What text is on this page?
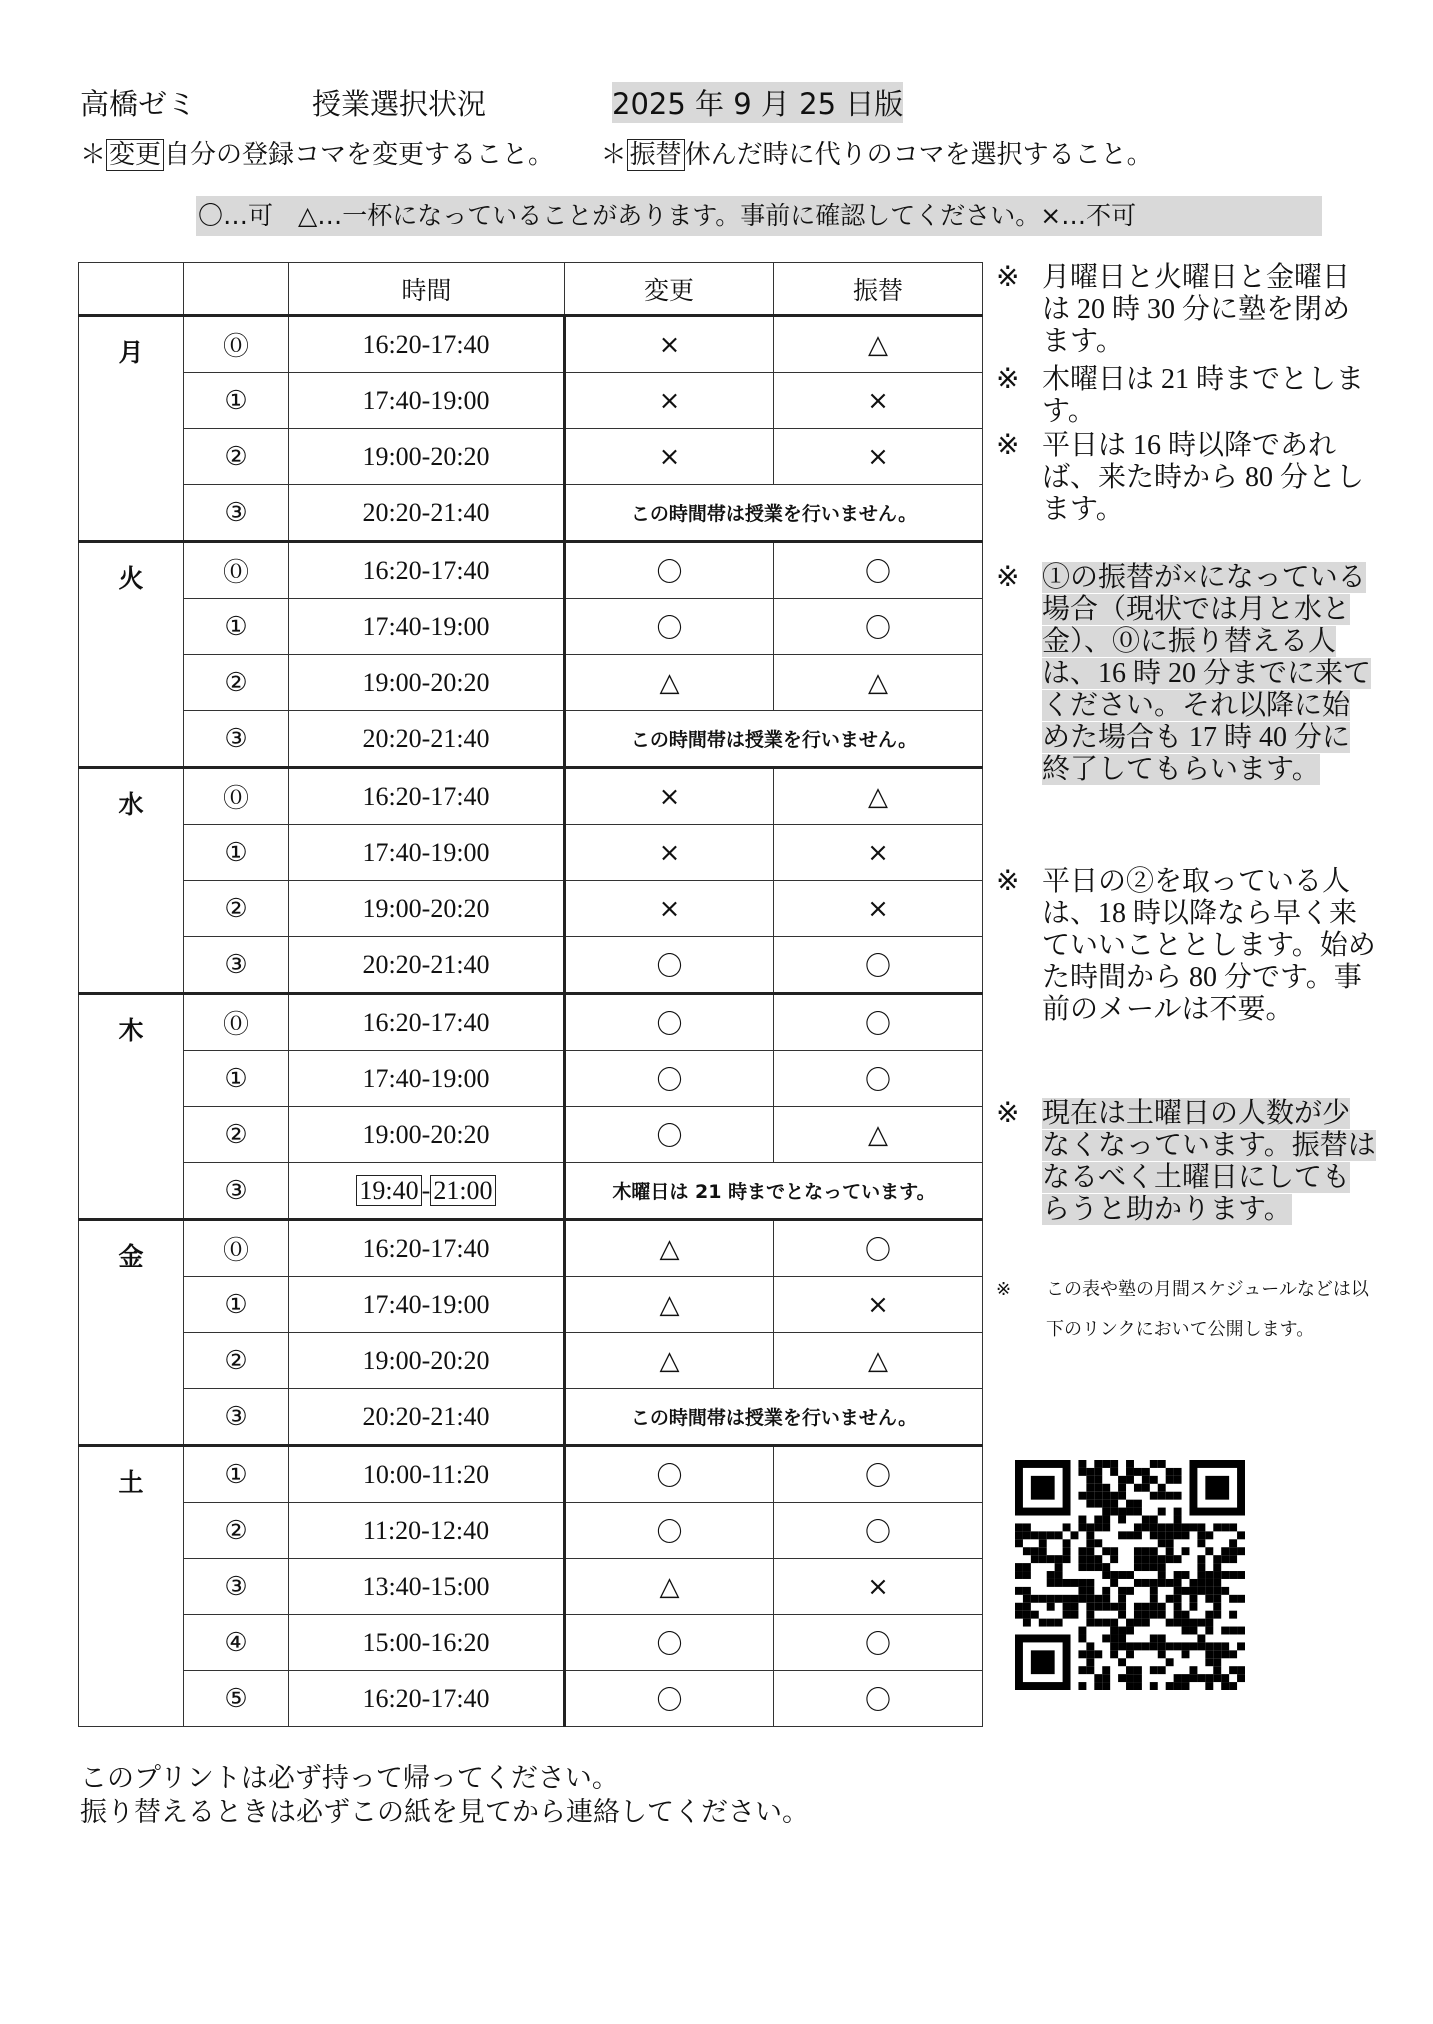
高橋ゼミ	授業選択状況	2025 年 9 月 25 日版
＊ 変更 自分の登録コマを変更すること。 ＊ 振替 休んだ時に代りのコマを選択すること。
〇…可　△…一杯になっていることがあります。事前に確認してください。×…不可
		時間	変更	振替
月	⓪	16:20-17:40	×	△
	①	17:40-19:00	×	×
	②	19:00-20:20	×	×
	③	20:20-21:40	この時間帯は授業を行いません。	
火	⓪	16:20-17:40	〇	〇
	①	17:40-19:00	〇	〇
	②	19:00-20:20	△	△
	③	20:20-21:40	この時間帯は授業を行いません。	
水	⓪	16:20-17:40	×	△
	①	17:40-19:00	×	×
	②	19:00-20:20	×	×
	③	20:20-21:40	〇	〇
木	⓪	16:20-17:40	〇	〇
	①	17:40-19:00	〇	〇
	②	19:00-20:20	〇	△
	③	19:40 - 21:00	木曜日は 21 時までとなっています。	
金	⓪	16:20-17:40	△	〇
	①	17:40-19:00	△	×
	②	19:00-20:20	△	△
	③	20:20-21:40	この時間帯は授業を行いません。	
土	①	10:00-11:20	〇	〇
	②	11:20-12:40	〇	〇
	③	13:40-15:00	△	×
	④	15:00-16:20	〇	〇
	⑤	16:20-17:40	〇	〇
※ 月曜日と火曜日と金曜日は 20 時 30 分に塾を閉めます。
※ 木曜日は 21 時までとします。
※ 平日は 16 時以降であれば、来た時から 80 分とします。
※ ①の振替が×になっている場合（現状では月と水と金）、⓪に振り替える人は、16 時 20 分までに来てください。それ以降に始めた場合も 17 時 40 分に終了してもらいます。
※ 平日の②を取っている人は、18 時以降なら早く来ていいこととします。始めた時間から 80 分です。事前のメールは不要。
※ 現在は土曜日の人数が少なくなっています。振替はなるべく土曜日にしてもらうと助かります。
※ この表や塾の月間スケジュールなどは以下のリンクにおいて公開します。
このプリントは必ず持って帰ってください。
振り替えるときは必ずこの紙を見てから連絡してください。
